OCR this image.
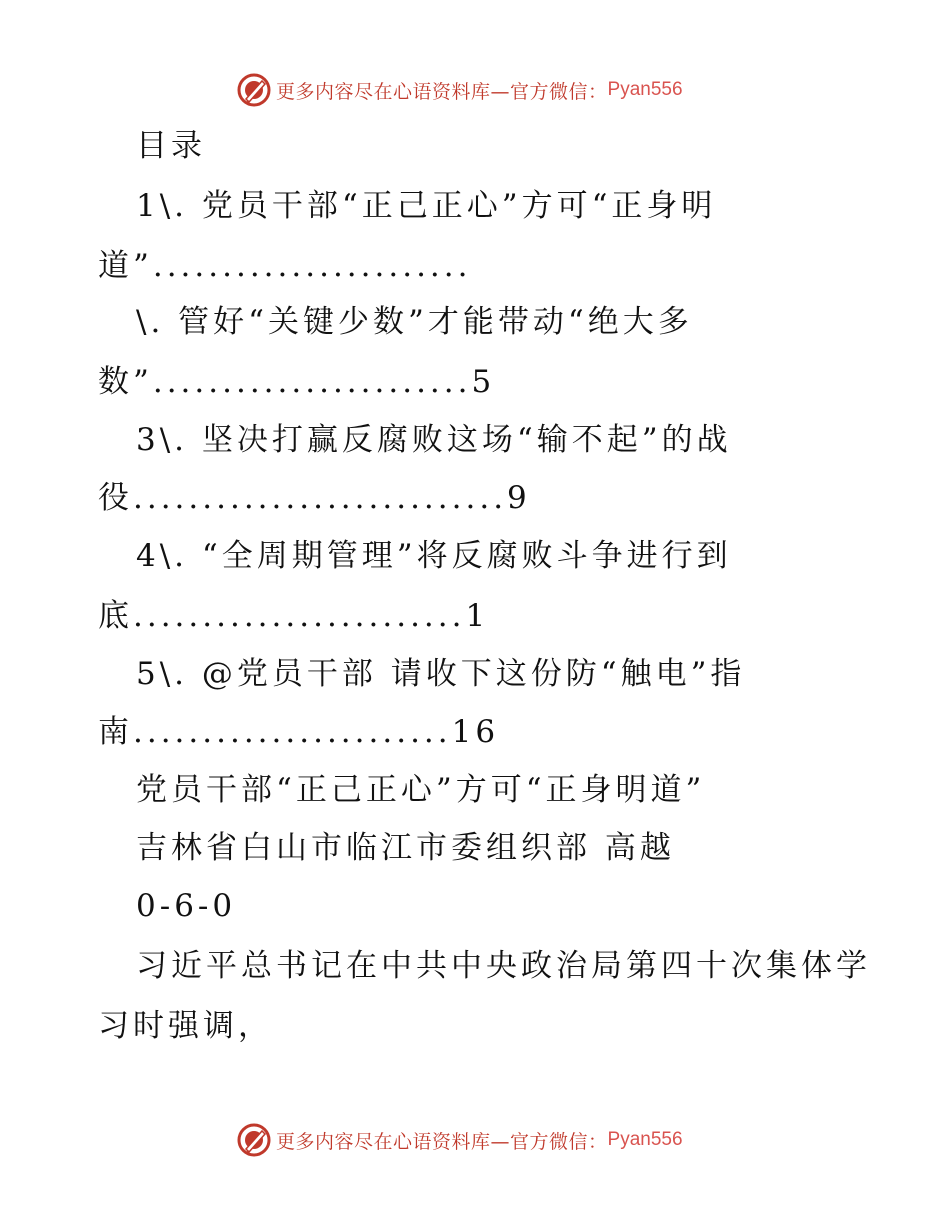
更多内容尽在心语资料库—官方微信： Pyan556
目录
1\. 党员干部“正己正心”方可“正身明
道”.......................
\. 管好“关键少数”才能带动“绝大多
数”.......................5
3\. 坚决打赢反腐败这场“输不起”的战
役...........................9
4\. “全周期管理”将反腐败斗争进行到
底........................1
5\. @党员干部 请收下这份防“触电”指
南.......................16
党员干部“正己正心”方可“正身明道”
吉林省白山市临江市委组织部 高越
0-6-0
习近平总书记在中共中央政治局第四十次集体学
习时强调，
更多内容尽在心语资料库—官方微信： Pyan556
